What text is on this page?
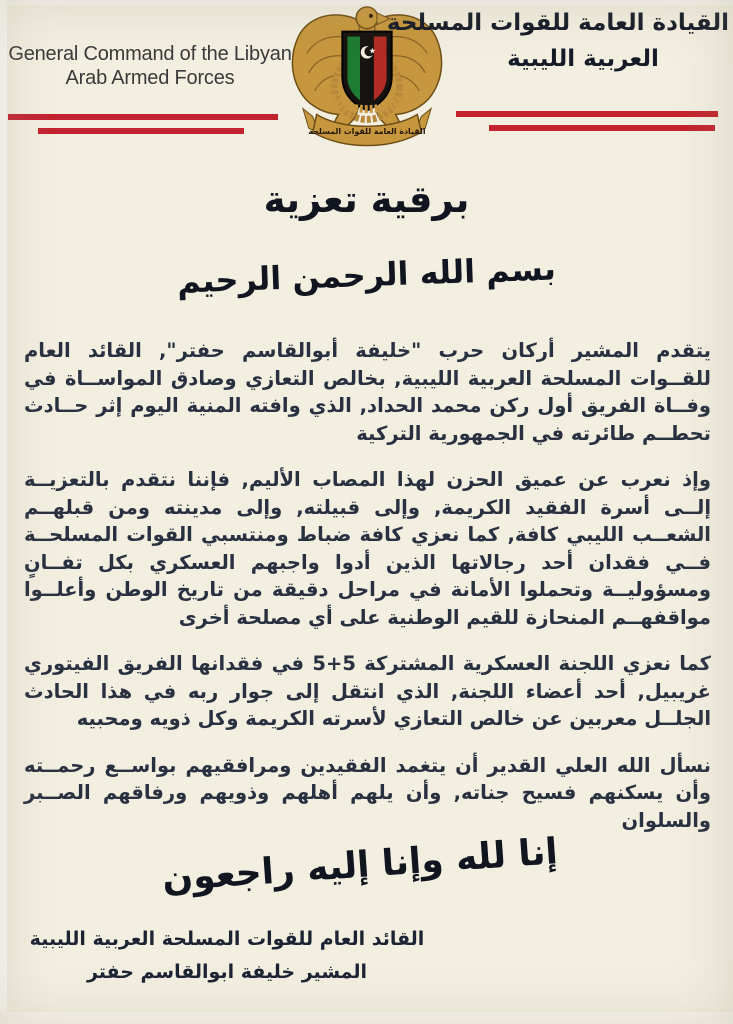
General Command of the Libyan
Arab Armed Forces
القيادة العامة للقوات المسلحة
القيادة العامة للقوات المسلحة
العربية الليبية
برقية تعزية
بسم الله الرحمن الرحيم

يتقدم المشير أركان حرب "خليفة أبوالقاسم حفتر", القائد العام للقــوات المسلحة العربية الليبية, بخالص التعازي وصادق المواســاة في وفــاة الفريق أول ركن محمد الحداد, الذي وافته المنية اليوم إثر حــادث تحطــم طائرته في الجمهورية التركية

وإذ نعرب عن عميق الحزن لهذا المصاب الأليم, فإننا نتقدم بالتعزيــة إلــى أسرة الفقيد الكريمة, وإلى قبيلته, وإلى مدينته ومن قبلهــم الشعــب الليبي كافة, كما نعزي كافة ضباط ومنتسبي القوات المسلحــة فــي فقدان أحد رجالاتها الذين أدوا واجبهم العسكري بكل تفــانٍ ومسؤوليــة وتحملوا الأمانة في مراحل دقيقة من تاريخ الوطن وأعلــوا مواقفهــم المنحازة للقيم الوطنية على أي مصلحة أخرى

كما نعزي اللجنة العسكرية المشتركة 5+5 في فقدانها الفريق الفيتوري غريبيل, أحد أعضاء اللجنة, الذي انتقل إلى جوار ربه في هذا الحادث الجلــل معربين عن خالص التعازي لأسرته الكريمة وكل ذويه ومحبيه

نسأل الله العلي القدير أن يتغمد الفقيدين ومرافقيهم بواســع رحمــته وأن يسكنهم فسيح جناته, وأن يلهم أهلهم وذويهم ورفاقهم الصــبر والسلوان

إنا لله وإنا إليه راجعون
القائد العام للقوات المسلحة العربية الليبية
المشير خليفة ابوالقاسم حفتر
